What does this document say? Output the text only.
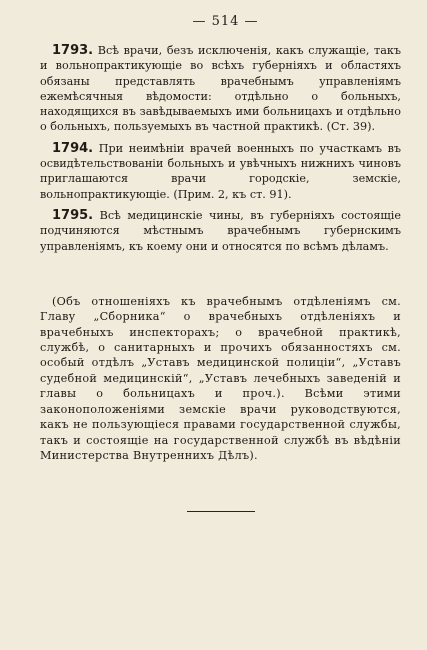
— 514 —

1793. Всѣ врачи, безъ исключенія, какъ служащіе, такъ и вольнопрактикующіе во всѣхъ губерніяхъ и областяхъ обязаны представлять врачебнымъ управленіямъ ежемѣсячныя вѣдомости: отдѣльно о больныхъ, находящихся въ завѣдываемыхъ ими больницахъ и отдѣльно о больныхъ, пользуемыхъ въ частной практикѣ. (Ст. 39).

1794. При неимѣніи врачей военныхъ по участкамъ въ освидѣтельствованіи больныхъ и увѣчныхъ нижнихъ чиновъ приглашаются врачи городскіе, земскіе, вольнопрактикующіе. (Прим. 2, къ ст. 91).

1795. Всѣ медицинскіе чины, въ губерніяхъ состоящіе подчиняются мѣстнымъ врачебнымъ губернскимъ управленіямъ, къ коему они и относятся по всѣмъ дѣламъ.

(Объ отношеніяхъ къ врачебнымъ отдѣленіямъ см. Главу „Сборника“ о врачебныхъ отдѣленіяхъ и врачебныхъ инспекторахъ; о врачебной практикѣ, службѣ, о санитарныхъ и прочихъ обязанностяхъ см. особый отдѣлъ „Уставъ медицинской полиціи“, „Уставъ судебной медицинскій“, „Уставъ лечебныхъ заведеній и главы о больницахъ и проч.). Всѣми этими законоположеніями земскіе врачи руководствуются, какъ не пользующіеся правами государственной службы, такъ и состоящіе на государственной службѣ въ вѣдѣніи Министерства Внутреннихъ Дѣлъ).
